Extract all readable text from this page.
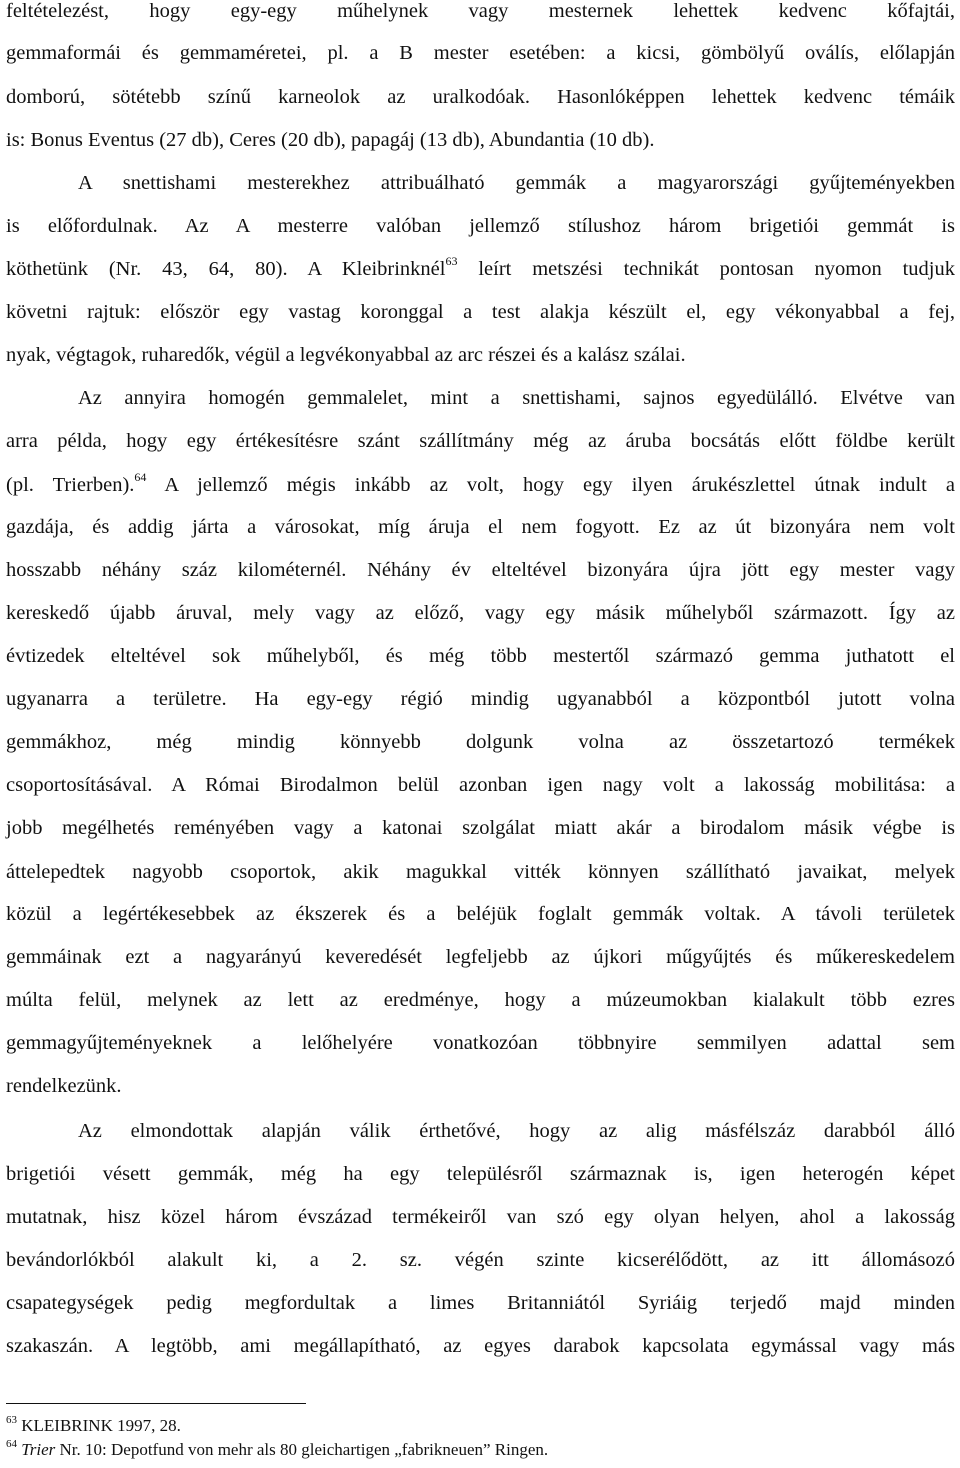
feltételezést, hogy egy-egy műhelynek vagy mesternek lehettek kedvenc kőfajtái,
gemmaformái és gemmaméretei, pl. a B mester esetében: a kicsi, gömbölyű oválís, előlapján
domború, sötétebb színű karneolok az uralkodóak. Hasonlóképpen lehettek kedvenc témáik
is: Bonus Eventus (27 db), Ceres (20 db), papagáj (13 db), Abundantia (10 db).
A snettishami mesterekhez attribuálható gemmák a magyarországi gyűjteményekben
is előfordulnak. Az A mesterre valóban jellemző stílushoz három brigetiói gemmát is
köthetünk (Nr. 43, 64, 80). A Kleibrinknél$^{63}$ leírt metszési technikát pontosan nyomon tudjuk
követni rajtuk: először egy vastag koronggal a test alakja készült el, egy vékonyabbal a fej,
nyak, végtagok, ruharedők, végül a legvékonyabbal az arc részei és a kalász szálai.
Az annyira homogén gemmalelet, mint a snettishami, sajnos egyedülálló. Elvétve van
arra példa, hogy egy értékesítésre szánt szállítmány még az áruba bocsátás előtt földbe került
(pl. Trierben).$^{64}$ A jellemző mégis inkább az volt, hogy egy ilyen árukészlettel útnak indult a
gazdája, és addig járta a városokat, míg áruja el nem fogyott. Ez az út bizonyára nem volt
hosszabb néhány száz kilométernél. Néhány év elteltével bizonyára újra jött egy mester vagy
kereskedő újabb áruval, mely vagy az előző, vagy egy másik műhelyből származott. Így az
évtizedek elteltével sok műhelyből, és még több mestertől származó gemma juthatott el
ugyanarra a területre. Ha egy-egy régió mindig ugyanabból a központból jutott volna
gemmákhoz, még mindig könnyebb dolgunk volna az összetartozó termékek
csoportosításával. A Római Birodalmon belül azonban igen nagy volt a lakosság mobilitása: a
jobb megélhetés reményében vagy a katonai szolgálat miatt akár a birodalom másik végbe is
áttelepedtek nagyobb csoportok, akik magukkal vitték könnyen szállítható javaikat, melyek
közül a legértékesebbek az ékszerek és a beléjük foglalt gemmák voltak. A távoli területek
gemmáinak ezt a nagyarányú keveredését legfeljebb az újkori műgyűjtés és műkereskedelem
múlta felül, melynek az lett az eredménye, hogy a múzeumokban kialakult több ezres
gemmagyűjteményeknek a lelőhelyére vonatkozóan többnyire semmilyen adattal sem
rendelkezünk.
Az elmondottak alapján válik érthetővé, hogy az alig másfélszáz darabból álló
brigetiói vésett gemmák, még ha egy településről származnak is, igen heterogén képet
mutatnak, hisz közel három évszázad termékeiről van szó egy olyan helyen, ahol a lakosság
bevándorlókból alakult ki, a 2. sz. végén szinte kicserélődött, az itt állomásozó
csapategységek pedig megfordultak a limes Britanniától Syriáig terjedő majd minden
szakaszán. A legtöbb, ami megállapítható, az egyes darabok kapcsolata egymással vagy más
$^{63}$ KLEIBRINK 1997, 28.
$^{64}$ Trier Nr. 10: Depotfund von mehr als 80 gleichartigen „fabrikneuen” Ringen.
